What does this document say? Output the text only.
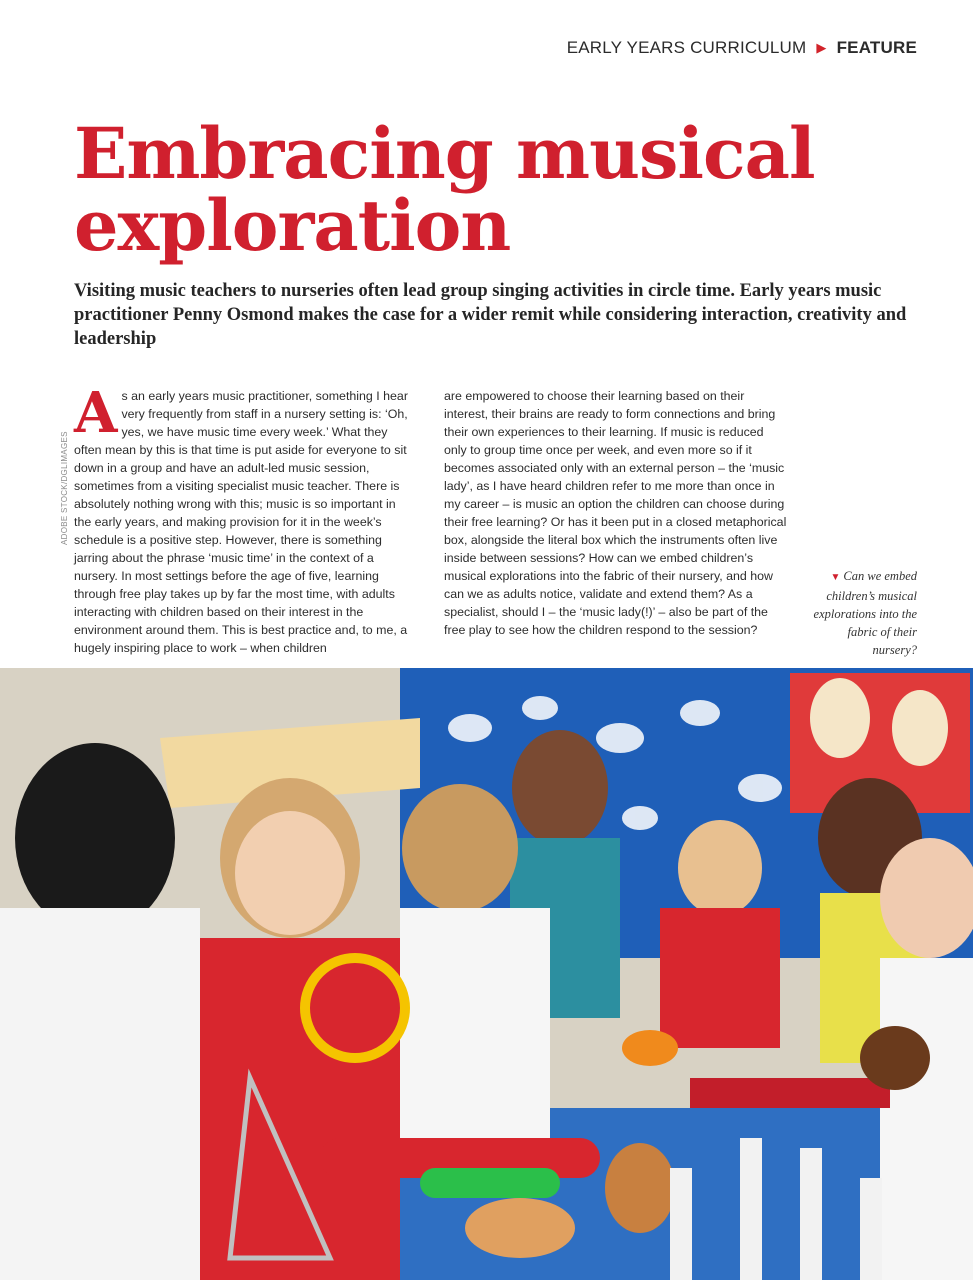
EARLY YEARS CURRICULUM ▶ FEATURE
Embracing musical
exploration

Visiting music teachers to nurseries often lead group singing activities in circle time. Early years music practitioner Penny Osmond makes the case for a wider remit while considering interaction, creativity and leadership

ADOBE STOCK/DGLIMAGES
A s an early years music practitioner, something I hear very frequently from staff in a nursery setting is: ‘Oh, yes, we have music time every week.’ What they often mean by this is that time is put aside for everyone to sit down in a group and have an adult-led music session, sometimes from a visiting specialist music teacher. There is absolutely nothing wrong with this; music is so important in the early years, and making provision for it in the week’s schedule is a positive step. However, there is something jarring about the phrase ‘music time’ in the context of a nursery. In most settings before the age of five, learning through free play takes up by far the most time, with adults interacting with children based on their interest in the environment around them. This is best practice and, to me, a hugely inspiring place to work – when children
are empowered to choose their learning based on their interest, their brains are ready to form connections and bring their own experiences to their learning. If music is reduced only to group time once per week, and even more so if it becomes associated only with an external person – the ‘music lady’, as I have heard children refer to me more than once in my career – is music an option the children can choose during their free learning? Or has it been put in a closed metaphorical box, alongside the literal box which the instruments often live inside between sessions? How can we embed children’s musical explorations into the fabric of their nursery, and how can we as adults notice, validate and extend them? As a specialist, should I – the ‘music lady(!)’ – also be part of the free play to see how the children respond to the session?
▼ Can we embed children’s musical explorations into the fabric of their nursery?
